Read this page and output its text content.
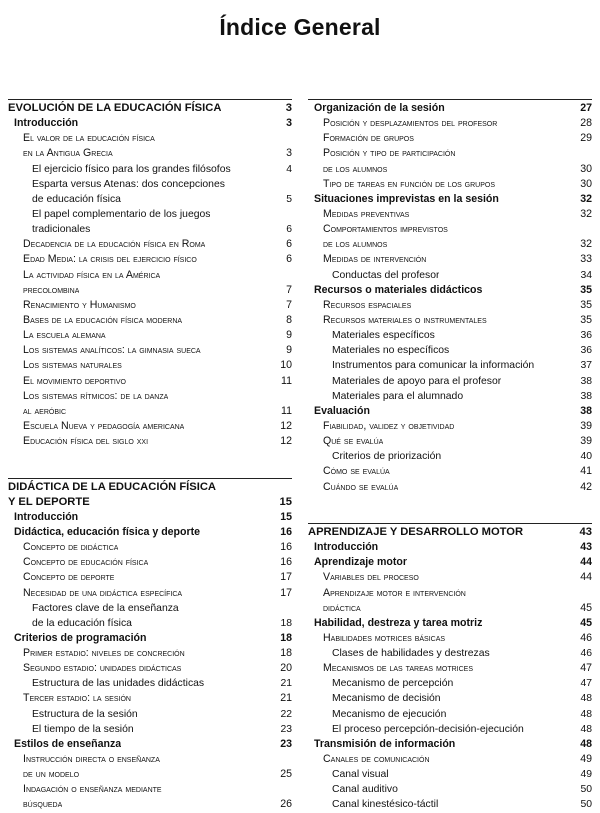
Índice General
EVOLUCIÓN DE LA EDUCACIÓN FÍSICA	3
Introducción	3
El valor de la educación física
en la Antigua Grecia	3
El ejercicio físico para los grandes filósofos	4
Esparta versus Atenas: dos concepciones
de educación física	5
El papel complementario de los juegos
tradicionales	6
Decadencia de la educación física en Roma	6
Edad Media: la crisis del ejercicio físico	6
La actividad física en la América
precolombina	7
Renacimiento y Humanismo	7
Bases de la educación física moderna	8
La escuela alemana	9
Los sistemas analíticos: la gimnasia sueca	9
Los sistemas naturales	10
El movimiento deportivo	11
Los sistemas rítmicos: de la danza
al aeróbic	11
Escuela Nueva y pedagogía americana	12
Educación física del siglo xxi	12
DIDÁCTICA DE LA EDUCACIÓN FÍSICA
Y EL DEPORTE	15
Introducción	15
Didáctica, educación física y deporte	16
Concepto de didáctica	16
Concepto de educación física	16
Concepto de deporte	17
Necesidad de una didáctica específica	17
Factores clave de la enseñanza
de la educación física	18
Criterios de programación	18
Primer estadio: niveles de concreción	18
Segundo estadio: unidades didácticas	20
Estructura de las unidades didácticas	21
Tercer estadio: la sesión	21
Estructura de la sesión	22
El tiempo de la sesión	23
Estilos de enseñanza	23
Instrucción directa o enseñanza
de un modelo	25
Indagación o enseñanza mediante
búsqueda	26
Organización de la sesión	27
Posición y desplazamientos del profesor	28
Formación de grupos	29
Posición y tipo de participación
de los alumnos	30
Tipo de tareas en función de los grupos	30
Situaciones imprevistas en la sesión	32
Medidas preventivas	32
Comportamientos imprevistos
de los alumnos	32
Medidas de intervención	33
Conductas del profesor	34
Recursos o materiales didácticos	35
Recursos espaciales	35
Recursos materiales o instrumentales	35
Materiales específicos	36
Materiales no específicos	36
Instrumentos para comunicar la información	37
Materiales de apoyo para el profesor	38
Materiales para el alumnado	38
Evaluación	38
Fiabilidad, validez y objetividad	39
Qué se evalúa	39
Criterios de priorización	40
Cómo se evalúa	41
Cuándo se evalúa	42
APRENDIZAJE Y DESARROLLO MOTOR	43
Introducción	43
Aprendizaje motor	44
Variables del proceso	44
Aprendizaje motor e intervención
didáctica	45
Habilidad, destreza y tarea motriz	45
Habilidades motrices básicas	46
Clases de habilidades y destrezas	46
Mecanismos de las tareas motrices	47
Mecanismo de percepción	47
Mecanismo de decisión	48
Mecanismo de ejecución	48
El proceso percepción-decisión-ejecución	48
Transmisión de información	48
Canales de comunicación	49
Canal visual	49
Canal auditivo	50
Canal kinestésico-táctil	50
